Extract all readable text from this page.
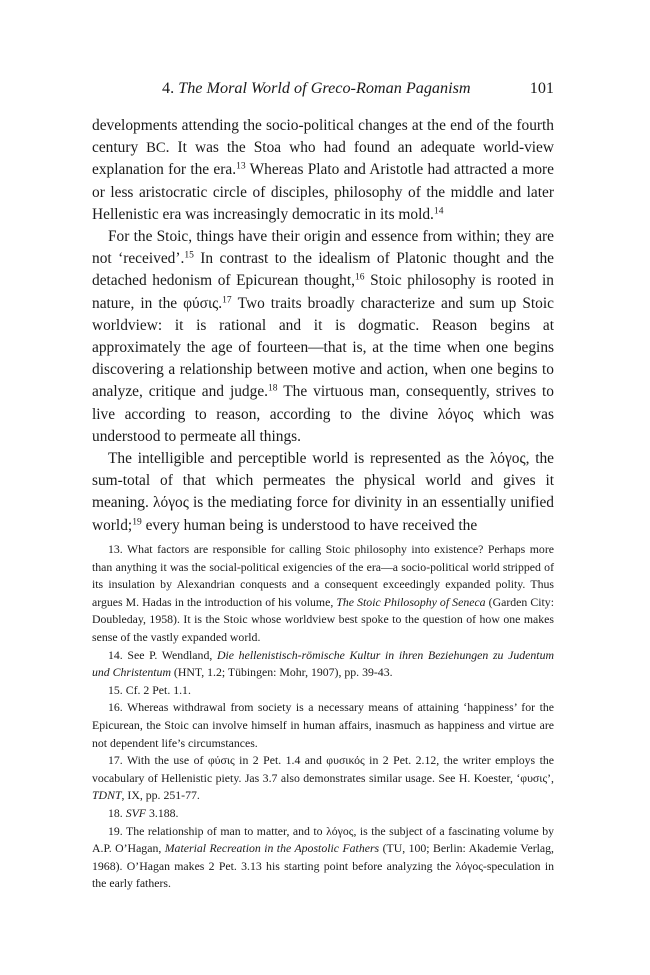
4. The Moral World of Greco-Roman Paganism	101

developments attending the socio-political changes at the end of the fourth century BC. It was the Stoa who had found an adequate world-view explanation for the era.$^{13}$ Whereas Plato and Aristotle had attracted a more or less aristocratic circle of disciples, philosophy of the middle and later Hellenistic era was increasingly democratic in its mold.$^{14}$

For the Stoic, things have their origin and essence from within; they are not ‘received’.$^{15}$ In contrast to the idealism of Platonic thought and the detached hedonism of Epicurean thought,$^{16}$ Stoic philosophy is rooted in nature, in the φύσις.$^{17}$ Two traits broadly characterize and sum up Stoic worldview: it is rational and it is dogmatic. Reason begins at approximately the age of fourteen—that is, at the time when one begins discovering a relationship between motive and action, when one begins to analyze, critique and judge.$^{18}$ The virtuous man, consequently, strives to live according to reason, according to the divine λόγος which was understood to permeate all things.

The intelligible and perceptible world is represented as the λόγος, the sum-total of that which permeates the physical world and gives it meaning. λόγος is the mediating force for divinity in an essentially unified world;$^{19}$ every human being is understood to have received the

13. What factors are responsible for calling Stoic philosophy into existence? Perhaps more than anything it was the social-political exigencies of the era—a socio-political world stripped of its insulation by Alexandrian conquests and a consequent exceedingly expanded polity. Thus argues M. Hadas in the introduction of his volume, The Stoic Philosophy of Seneca (Garden City: Doubleday, 1958). It is the Stoic whose worldview best spoke to the question of how one makes sense of the vastly expanded world.

14. See P. Wendland, Die hellenistisch-römische Kultur in ihren Beziehungen zu Judentum und Christentum (HNT, 1.2; Tübingen: Mohr, 1907), pp. 39-43.

15. Cf. 2 Pet. 1.1.

16. Whereas withdrawal from society is a necessary means of attaining ‘happiness’ for the Epicurean, the Stoic can involve himself in human affairs, inasmuch as happiness and virtue are not dependent life’s circumstances.

17. With the use of φύσις in 2 Pet. 1.4 and φυσικός in 2 Pet. 2.12, the writer employs the vocabulary of Hellenistic piety. Jas 3.7 also demonstrates similar usage. See H. Koester, ‘φυσις’, TDNT, IX, pp. 251-77.

18. SVF 3.188.

19. The relationship of man to matter, and to λόγος, is the subject of a fascinating volume by A.P. O’Hagan, Material Recreation in the Apostolic Fathers (TU, 100; Berlin: Akademie Verlag, 1968). O’Hagan makes 2 Pet. 3.13 his starting point before analyzing the λόγος-speculation in the early fathers.
